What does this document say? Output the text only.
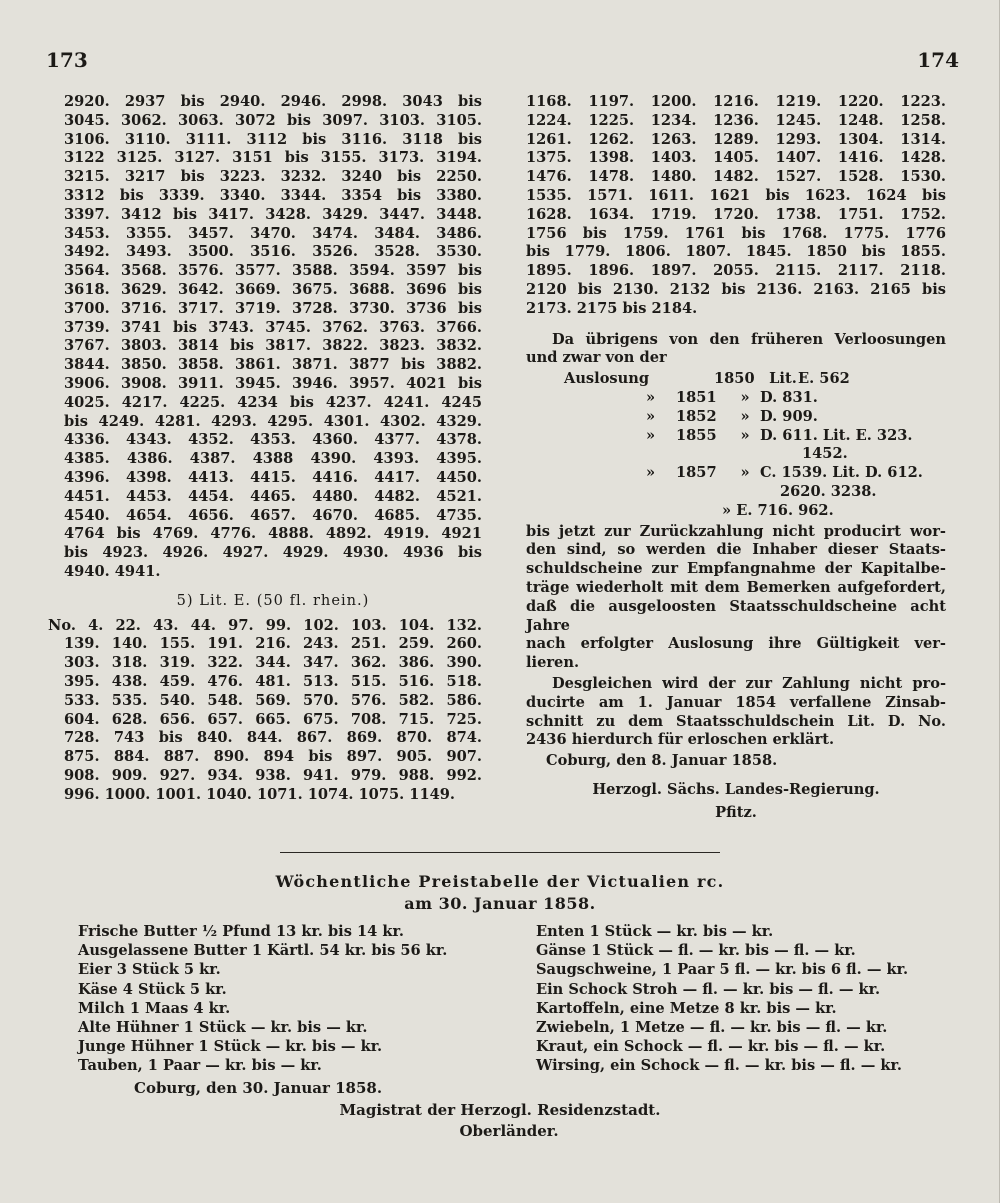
173	174

2920. 2937 bis 2940. 2946. 2998. 3043 bis

3045. 3062. 3063. 3072 bis 3097. 3103. 3105.

3106. 3110. 3111. 3112 bis 3116. 3118 bis

3122 3125. 3127. 3151 bis 3155. 3173. 3194.

3215. 3217 bis 3223. 3232. 3240 bis 2250.

3312 bis 3339. 3340. 3344. 3354 bis 3380.

3397. 3412 bis 3417. 3428. 3429. 3447. 3448.

3453. 3355. 3457. 3470. 3474. 3484. 3486.

3492. 3493. 3500. 3516. 3526. 3528. 3530.

3564. 3568. 3576. 3577. 3588. 3594. 3597 bis

3618. 3629. 3642. 3669. 3675. 3688. 3696 bis

3700. 3716. 3717. 3719. 3728. 3730. 3736 bis

3739. 3741 bis 3743. 3745. 3762. 3763. 3766.

3767. 3803. 3814 bis 3817. 3822. 3823. 3832.

3844. 3850. 3858. 3861. 3871. 3877 bis 3882.

3906. 3908. 3911. 3945. 3946. 3957. 4021 bis

4025. 4217. 4225. 4234 bis 4237. 4241. 4245

bis 4249. 4281. 4293. 4295. 4301. 4302. 4329.

4336. 4343. 4352. 4353. 4360. 4377. 4378.

4385. 4386. 4387. 4388 4390. 4393. 4395.

4396. 4398. 4413. 4415. 4416. 4417. 4450.

4451. 4453. 4454. 4465. 4480. 4482. 4521.

4540. 4654. 4656. 4657. 4670. 4685. 4735.

4764 bis 4769. 4776. 4888. 4892. 4919. 4921

bis 4923. 4926. 4927. 4929. 4930. 4936 bis

4940. 4941.

5) Lit. E. (50 fl. rhein.)

No. 4. 22. 43. 44. 97. 99. 102. 103. 104. 132.

139. 140. 155. 191. 216. 243. 251. 259. 260.

303. 318. 319. 322. 344. 347. 362. 386. 390.

395. 438. 459. 476. 481. 513. 515. 516. 518.

533. 535. 540. 548. 569. 570. 576. 582. 586.

604. 628. 656. 657. 665. 675. 708. 715. 725.

728. 743 bis 840. 844. 867. 869. 870. 874.

875. 884. 887. 890. 894 bis 897. 905. 907.

908. 909. 927. 934. 938. 941. 979. 988. 992.

996. 1000. 1001. 1040. 1071. 1074. 1075. 1149.

1168. 1197. 1200. 1216. 1219. 1220. 1223.

1224. 1225. 1234. 1236. 1245. 1248. 1258.

1261. 1262. 1263. 1289. 1293. 1304. 1314.

1375. 1398. 1403. 1405. 1407. 1416. 1428.

1476. 1478. 1480. 1482. 1527. 1528. 1530.

1535. 1571. 1611. 1621 bis 1623. 1624 bis

1628. 1634. 1719. 1720. 1738. 1751. 1752.

1756 bis 1759. 1761 bis 1768. 1775. 1776

bis 1779. 1806. 1807. 1845. 1850 bis 1855.

1895. 1896. 1897. 2055. 2115. 2117. 2118.

2120 bis 2130. 2132 bis 2136. 2163. 2165 bis

2173. 2175 bis 2184.

Da übrigens von den früheren Verloosungen

und zwar von der

Auslosung	1850 Lit. E. 562
»	1851	» D. 831.
»	1852	» D. 909.
»	1855	» D. 611. Lit. E. 323.
1452.
»	1857	» C. 1539. Lit. D. 612.
2620. 3238.
» E. 716. 962.

bis jetzt zur Zurückzahlung nicht producirt wor-

den sind, so werden die Inhaber dieser Staats-

schuldscheine zur Empfangnahme der Kapitalbe-

träge wiederholt mit dem Bemerken aufgefordert,

daß die ausgeloosten Staatsschuldscheine acht Jahre

nach erfolgter Auslosung ihre Gültigkeit ver-

lieren.

Desgleichen wird der zur Zahlung nicht pro-

ducirte am 1. Januar 1854 verfallene Zinsab-

schnitt zu dem Staatsschuldschein Lit. D. No.

2436 hierdurch für erloschen erklärt.

Coburg, den 8. Januar 1858.
Herzogl. Sächs. Landes-Regierung.
Pfitz.
Wöchentliche Preistabelle der Victualien rc.
am 30. Januar 1858.
Frische Butter ½ Pfund 13 kr. bis 14 kr.
Ausgelassene Butter 1 Kärtl. 54 kr. bis 56 kr.
Eier 3 Stück 5 kr.
Käse 4 Stück 5 kr.
Milch 1 Maas 4 kr.
Alte Hühner 1 Stück — kr. bis — kr.
Junge Hühner 1 Stück — kr. bis — kr.
Tauben, 1 Paar — kr. bis — kr.
Enten 1 Stück — kr. bis — kr.
Gänse 1 Stück — fl. — kr. bis — fl. — kr.
Saugschweine, 1 Paar 5 fl. — kr. bis 6 fl. — kr.
Ein Schock Stroh — fl. — kr. bis — fl. — kr.
Kartoffeln, eine Metze 8 kr. bis — kr.
Zwiebeln, 1 Metze — fl. — kr. bis — fl. — kr.
Kraut, ein Schock — fl. — kr. bis — fl. — kr.
Wirsing, ein Schock — fl. — kr. bis — fl. — kr.
Coburg, den 30. Januar 1858.
Magistrat der Herzogl. Residenzstadt.
Oberländer.
